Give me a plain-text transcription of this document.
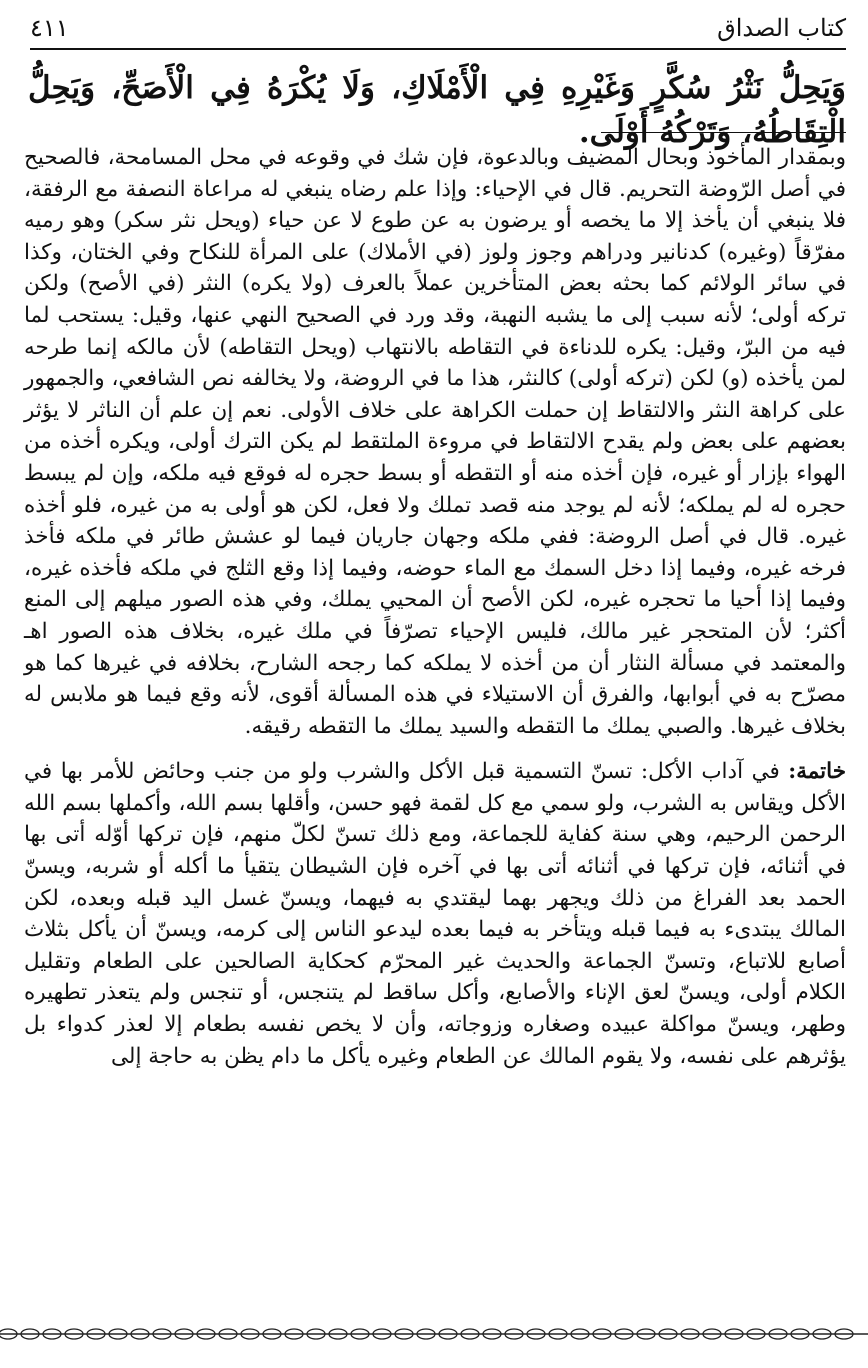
كتاب الصداق
٤١١
وَيَحِلُّ نَثْرُ سُكَّرٍ وَغَيْرِهِ فِي الْأَمْلَاكِ، وَلَا يُكْرَهُ فِي الْأَصَحِّ، وَيَحِلُّ الْتِقَاطُهُ، وَتَرْكُهُ أَوْلَى.

وبمقدار المأخوذ وبحال المضيف وبالدعوة، فإن شك في وقوعه في محل المسامحة، فالصحيح في أصل الرّوضة التحريم. قال في الإحياء: وإذا علم رضاه ينبغي له مراعاة النصفة مع الرفقة، فلا ينبغي أن يأخذ إلا ما يخصه أو يرضون به عن طوع لا عن حياء (ويحل نثر سكر) وهو رميه مفرّقاً (وغيره) كدنانير ودراهم وجوز ولوز (في الأملاك) على المرأة للنكاح وفي الختان، وكذا في سائر الولائم كما بحثه بعض المتأخرين عملاً بالعرف (ولا يكره) النثر (في الأصح) ولكن تركه أولى؛ لأنه سبب إلى ما يشبه النهبة، وقد ورد في الصحيح النهي عنها، وقيل: يستحب لما فيه من البرّ، وقيل: يكره للدناءة في التقاطه بالانتهاب (ويحل التقاطه) لأن مالكه إنما طرحه لمن يأخذه (و) لكن (تركه أولى) كالنثر، هذا ما في الروضة، ولا يخالفه نص الشافعي، والجمهور على كراهة النثر والالتقاط إن حملت الكراهة على خلاف الأولى. نعم إن علم أن الناثر لا يؤثر بعضهم على بعض ولم يقدح الالتقاط في مروءة الملتقط لم يكن الترك أولى، ويكره أخذه من الهواء بإزار أو غيره، فإن أخذه منه أو التقطه أو بسط حجره له فوقع فيه ملكه، وإن لم يبسط حجره له لم يملكه؛ لأنه لم يوجد منه قصد تملك ولا فعل، لكن هو أولى به من غيره، فلو أخذه غيره. قال في أصل الروضة: ففي ملكه وجهان جاريان فيما لو عشش طائر في ملكه فأخذ فرخه غيره، وفيما إذا دخل السمك مع الماء حوضه، وفيما إذا وقع الثلج في ملكه فأخذه غيره، وفيما إذا أحيا ما تحجره غيره، لكن الأصح أن المحيي يملك، وفي هذه الصور ميلهم إلى المنع أكثر؛ لأن المتحجر غير مالك، فليس الإحياء تصرّفاً في ملك غيره، بخلاف هذه الصور اهـ والمعتمد في مسألة النثار أن من أخذه لا يملكه كما رجحه الشارح، بخلافه في غيرها كما هو مصرّح به في أبوابها، والفرق أن الاستيلاء في هذه المسألة أقوى، لأنه وقع فيما هو ملابس له بخلاف غيرها. والصبي يملك ما التقطه والسيد يملك ما التقطه رقيقه.

خاتمة: في آداب الأكل: تسنّ التسمية قبل الأكل والشرب ولو من جنب وحائض للأمر بها في الأكل ويقاس به الشرب، ولو سمي مع كل لقمة فهو حسن، وأقلها بسم الله، وأكملها بسم الله الرحمن الرحيم، وهي سنة كفاية للجماعة، ومع ذلك تسنّ لكلّ منهم، فإن تركها أوّله أتى بها في أثنائه، فإن تركها في أثنائه أتى بها في آخره فإن الشيطان يتقيأ ما أكله أو شربه، ويسنّ الحمد بعد الفراغ من ذلك ويجهر بهما ليقتدي به فيهما، ويسنّ غسل اليد قبله وبعده، لكن المالك يبتدىء به فيما قبله ويتأخر به فيما بعده ليدعو الناس إلى كرمه، ويسنّ أن يأكل بثلاث أصابع للاتباع، وتسنّ الجماعة والحديث غير المحرّم كحكاية الصالحين على الطعام وتقليل الكلام أولى، ويسنّ لعق الإناء والأصابع، وأكل ساقط لم يتنجس، أو تنجس ولم يتعذر تطهيره وطهر، ويسنّ مواكلة عبيده وصغاره وزوجاته، وأن لا يخص نفسه بطعام إلا لعذر كدواء بل يؤثرهم على نفسه، ولا يقوم المالك عن الطعام وغيره يأكل ما دام يظن به حاجة إلى
